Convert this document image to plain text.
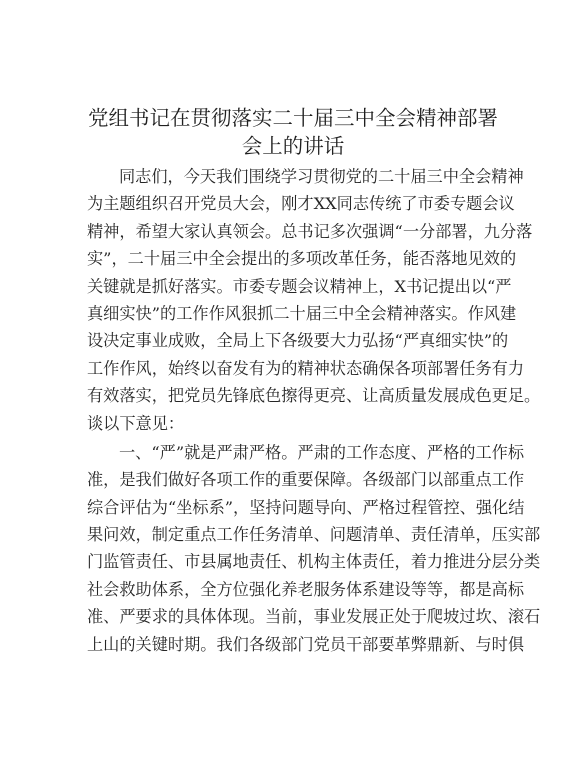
党组书记在贯彻落实二十届三中全会精神部署
会上的讲话

同志们，今天我们围绕学习贯彻党的二十届三中全会精神
为主题组织召开党员大会，刚才XX同志传统了市委专题会议
精神，希望大家认真领会。总书记多次强调“一分部署，九分落
实”，二十届三中全会提出的多项改革任务，能否落地见效的
关键就是抓好落实。市委专题会议精神上，X书记提出以“严
真细实快”的工作作风狠抓二十届三中全会精神落实。作风建
设决定事业成败，全局上下各级要大力弘扬“严真细实快”的
工作作风，始终以奋发有为的精神状态确保各项部署任务有力
有效落实，把党员先锋底色擦得更亮、让高质量发展成色更足。
谈以下意见：

一、“严”就是严肃严格。严肃的工作态度、严格的工作标
准，是我们做好各项工作的重要保障。各级部门以部重点工作
综合评估为“坐标系”，坚持问题导向、严格过程管控、强化结
果问效，制定重点工作任务清单、问题清单、责任清单，压实部
门监管责任、市县属地责任、机构主体责任，着力推进分层分类
社会救助体系，全方位强化养老服务体系建设等等，都是高标
准、严要求的具体体现。当前，事业发展正处于爬坡过坎、滚石
上山的关键时期。我们各级部门党员干部要革弊鼎新、与时俱
